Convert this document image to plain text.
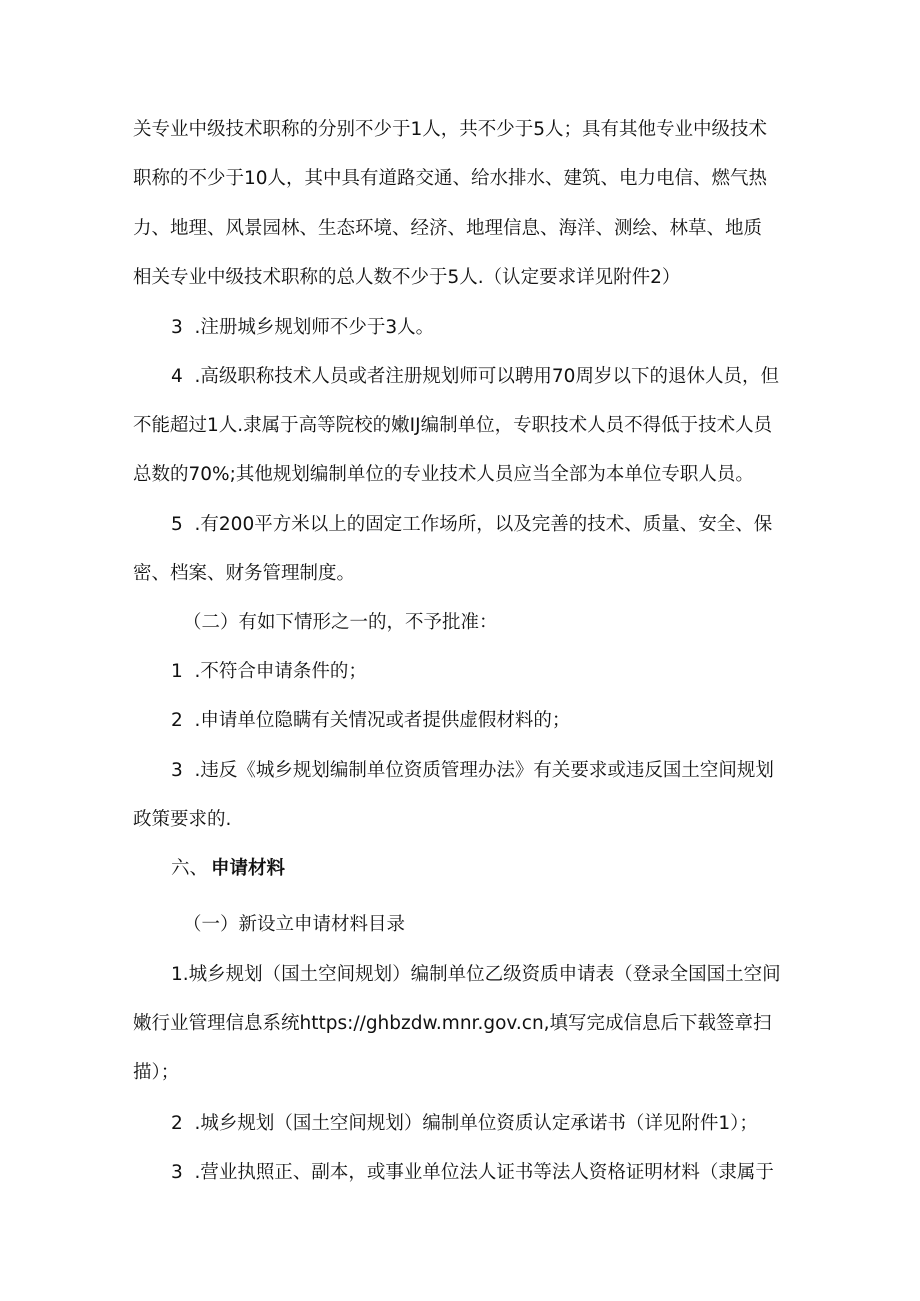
关专业中级技术职称的分别不少于1人，共不少于5人；具有其他专业中级技术
职称的不少于10人，其中具有道路交通、给水排水、建筑、电力电信、燃气热
力、地理、风景园林、生态环境、经济、地理信息、海洋、测绘、林草、地质
相关专业中级技术职称的总人数不少于5人.（认定要求详见附件2）
3  .注册城乡规划师不少于3人。
4  .高级职称技术人员或者注册规划师可以聘用70周岁以下的退休人员，但
不能超过1人.隶属于高等院校的嫩IJ编制单位，专职技术人员不得低于技术人员
总数的70%;其他规划编制单位的专业技术人员应当全部为本单位专职人员。
5  .有200平方米以上的固定工作场所，以及完善的技术、质量、安全、保
密、档案、财务管理制度。
（二）有如下情形之一的，不予批准：
1  .不符合申请条件的；
2  .申请单位隐瞒有关情况或者提供虚假材料的；
3  .违反《城乡规划编制单位资质管理办法》有关要求或违反国土空间规划
政策要求的.
六、 申请材料
（一）新设立申请材料目录
1.城乡规划（国土空间规划）编制单位乙级资质申请表（登录全国国土空间
嫩行业管理信息系统https://ghbzdw.mnr.gov.cn,填写完成信息后下载签章扫
描）；
2  .城乡规划（国土空间规划）编制单位资质认定承诺书（详见附件1）；
3  .营业执照正、副本，或事业单位法人证书等法人资格证明材料（隶属于
